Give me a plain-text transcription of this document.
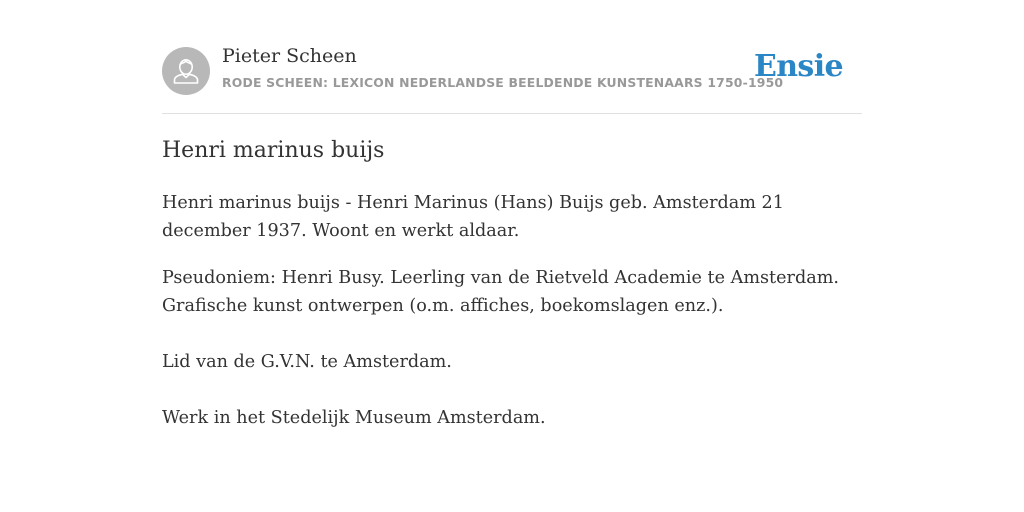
Pieter Scheen
RODE SCHEEN: LEXICON NEDERLANDSE BEELDENDE KUNSTENAARS 1750-1950
Ensie
Henri marinus buijs

Henri marinus buijs - Henri Marinus (Hans) Buijs geb. Amsterdam 21 december 1937. Woont en werkt aldaar.

Pseudoniem: Henri Busy. Leerling van de Rietveld Academie te Amsterdam.

Grafische kunst ontwerpen (o.m. affiches, boekomslagen enz.).

Lid van de G.V.N. te Amsterdam.

Werk in het Stedelijk Museum Amsterdam.
